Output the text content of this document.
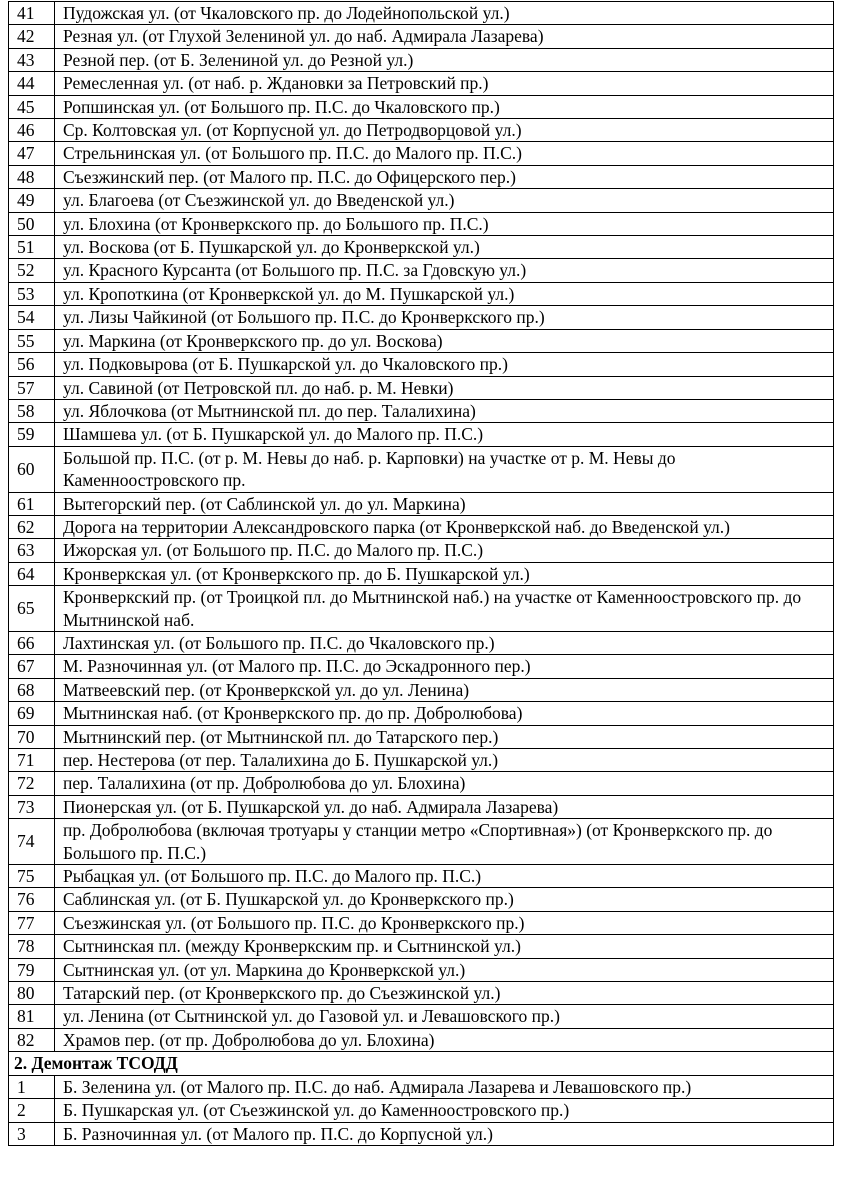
41	Пудожская ул. (от Чкаловского пр. до Лодейнопольской ул.)
42	Резная ул. (от Глухой Зелениной ул. до наб. Адмирала Лазарева)
43	Резной пер. (от Б. Зелениной ул. до Резной ул.)
44	Ремесленная ул. (от наб. р. Ждановки за Петровский пр.)
45	Ропшинская ул. (от Большого пр. П.С. до Чкаловского пр.)
46	Ср. Колтовская ул. (от Корпусной ул. до Петродворцовой ул.)
47	Стрельнинская ул. (от Большого пр. П.С. до Малого пр. П.С.)
48	Съезжинский пер. (от Малого пр. П.С. до Офицерского пер.)
49	ул. Благоева (от Съезжинской ул. до Введенской ул.)
50	ул. Блохина (от Кронверкского пр. до Большого пр. П.С.)
51	ул. Воскова (от Б. Пушкарской ул. до Кронверкской ул.)
52	ул. Красного Курсанта (от Большого пр. П.С. за Гдовскую ул.)
53	ул. Кропоткина (от Кронверкской ул. до М. Пушкарской ул.)
54	ул. Лизы Чайкиной (от Большого пр. П.С. до Кронверкского пр.)
55	ул. Маркина (от Кронверкского пр. до ул. Воскова)
56	ул. Подковырова (от Б. Пушкарской ул. до Чкаловского пр.)
57	ул. Савиной (от Петровской пл. до наб. р. М. Невки)
58	ул. Яблочкова (от Мытнинской пл. до пер. Талалихина)
59	Шамшева ул. (от Б. Пушкарской ул. до Малого пр. П.С.)
60	Большой пр. П.С. (от р. М. Невы до наб. р. Карповки) на участке от р. М. Невы до Каменноостровского пр.
61	Вытегорский пер. (от Саблинской ул. до ул. Маркина)
62	Дорога на территории Александровского парка (от Кронверкской наб. до Введенской ул.)
63	Ижорская ул. (от Большого пр. П.С. до Малого пр. П.С.)
64	Кронверкская ул. (от Кронверкского пр. до Б. Пушкарской ул.)
65	Кронверкский пр. (от Троицкой пл. до Мытнинской наб.) на участке от Каменноостровского пр. до Мытнинской наб.
66	Лахтинская ул. (от Большого пр. П.С. до Чкаловского пр.)
67	М. Разночинная ул. (от Малого пр. П.С. до Эскадронного пер.)
68	Матвеевский пер. (от Кронверкской ул. до ул. Ленина)
69	Мытнинская наб. (от Кронверкского пр. до пр. Добролюбова)
70	Мытнинский пер. (от Мытнинской пл. до Татарского пер.)
71	пер. Нестерова (от пер. Талалихина до Б. Пушкарской ул.)
72	пер. Талалихина (от пр. Добролюбова до ул. Блохина)
73	Пионерская ул. (от Б. Пушкарской ул. до наб. Адмирала Лазарева)
74	пр. Добролюбова (включая тротуары у станции метро «Спортивная») (от Кронверкского пр. до Большого пр. П.С.)
75	Рыбацкая ул. (от Большого пр. П.С. до Малого пр. П.С.)
76	Саблинская ул. (от Б. Пушкарской ул. до Кронверкского пр.)
77	Съезжинская ул. (от Большого пр. П.С. до Кронверкского пр.)
78	Сытнинская пл. (между Кронверкским пр. и Сытнинской ул.)
79	Сытнинская ул. (от ул. Маркина до Кронверкской ул.)
80	Татарский пер. (от Кронверкского пр. до Съезжинской ул.)
81	ул. Ленина (от Сытнинской ул. до Газовой ул. и Левашовского пр.)
82	Храмов пер. (от пр. Добролюбова до ул. Блохина)
2. Демонтаж ТСОДД	
1	Б. Зеленина ул. (от Малого пр. П.С. до наб. Адмирала Лазарева и Левашовского пр.)
2	Б. Пушкарская ул. (от Съезжинской ул. до Каменноостровского пр.)
3	Б. Разночинная ул. (от Малого пр. П.С. до Корпусной ул.)
